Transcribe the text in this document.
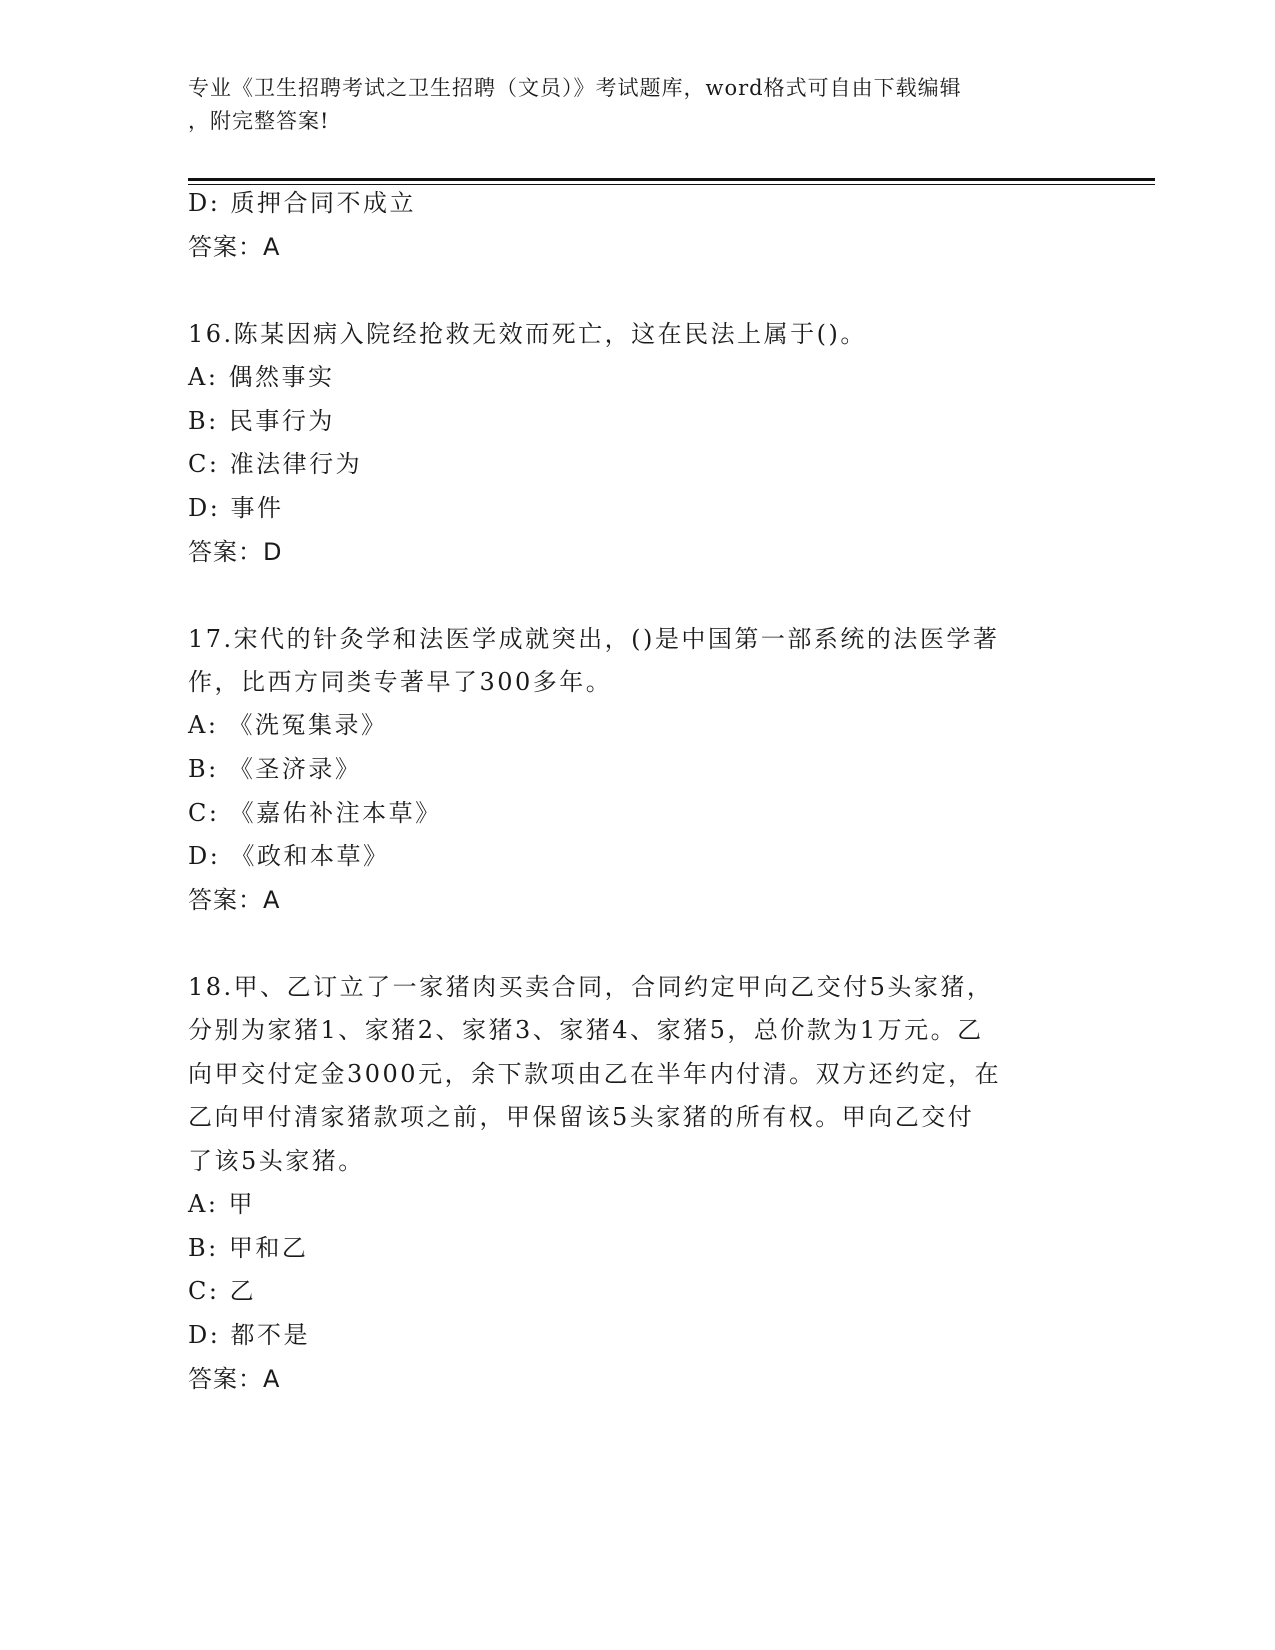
专业《卫生招聘考试之卫生招聘（文员）》考试题库，word格式可自由下载编辑
，附完整答案!
D: 质押合同不成立
答案：A
16.陈某因病入院经抢救无效而死亡，这在民法上属于()。
A: 偶然事实
B: 民事行为
C: 准法律行为
D: 事件
答案：D
17.宋代的针灸学和法医学成就突出，()是中国第一部系统的法医学著
作，比西方同类专著早了300多年。
A: 《洗冤集录》
B: 《圣济录》
C: 《嘉佑补注本草》
D: 《政和本草》
答案：A
18.甲、乙订立了一家猪肉买卖合同，合同约定甲向乙交付5头家猪，
分别为家猪1、家猪2、家猪3、家猪4、家猪5，总价款为1万元。乙
向甲交付定金3000元，余下款项由乙在半年内付清。双方还约定，在
乙向甲付清家猪款项之前，甲保留该5头家猪的所有权。甲向乙交付
了该5头家猪。
A: 甲
B: 甲和乙
C: 乙
D: 都不是
答案：A
